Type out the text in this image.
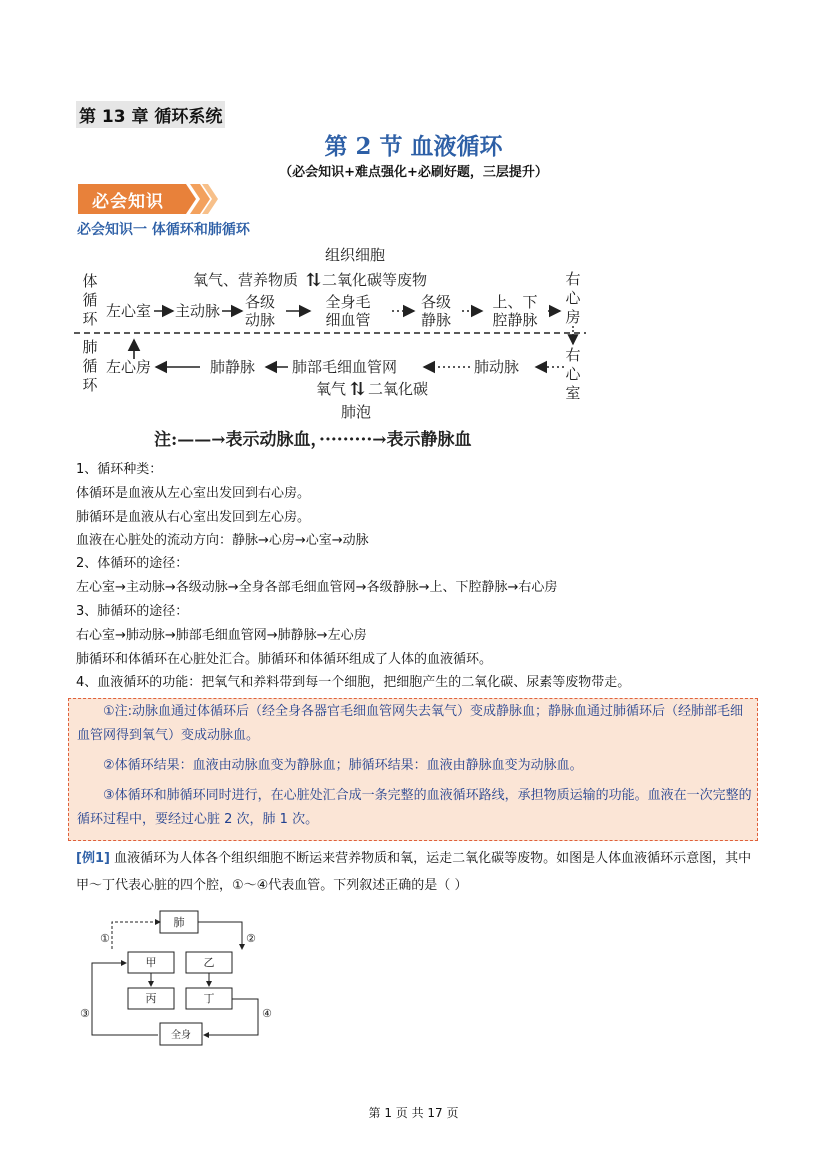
第 13 章 循环系统
第 2 节 血液循环
（必会知识+难点强化+必刷好题，三层提升）
必会知识
必会知识一 体循环和肺循环
组织细胞
氧气、营养物质 ⇅ 二氧化碳等废物
体
循
环 左心室 主动脉 各级
动脉
全身毛
细血管
各级
静脉
上、下
腔静脉
右
心
房
肺
循
环
右
心
室
左心房	肺静脉 肺部毛细血管网	肺动脉
氧气 ⇅ 二氧化碳
肺泡
注:——→表示动脉血，·········→表示静脉血
1、循环种类：
体循环是血液从左心室出发回到右心房。
肺循环是血液从右心室出发回到左心房。
血液在心脏处的流动方向：静脉→心房→心室→动脉
2、体循环的途径：
左心室→主动脉→各级动脉→全身各部毛细血管网→各级静脉→上、下腔静脉→右心房
3、肺循环的途径：
右心室→肺动脉→肺部毛细血管网→肺静脉→左心房
肺循环和体循环在心脏处汇合。肺循环和体循环组成了人体的血液循环。
4、血液循环的功能：把氧气和养料带到每一个细胞，把细胞产生的二氧化碳、尿素等废物带走。
①注:动脉血通过体循环后（经全身各器官毛细血管网失去氧气）变成静脉血；静脉血通过肺循环后（经肺部毛细血管网得到氧气）变成动脉血。
②体循环结果：血液由动脉血变为静脉血；肺循环结果：血液由静脉血变为动脉血。
③体循环和肺循环同时进行，在心脏处汇合成一条完整的血液循环路线，承担物质运输的功能。血液在一次完整的循环过程中，要经过心脏 2 次，肺 1 次。
[例1] 血液循环为人体各个组织细胞不断运来营养物质和氧，运走二氧化碳等废物。如图是人体血液循环示意图，其中甲～丁代表心脏的四个腔，①～④代表血管。下列叙述正确的是（ ）
肺
①	②
甲	乙
丙	丁
③	④
全身
第 1 页 共 17 页
